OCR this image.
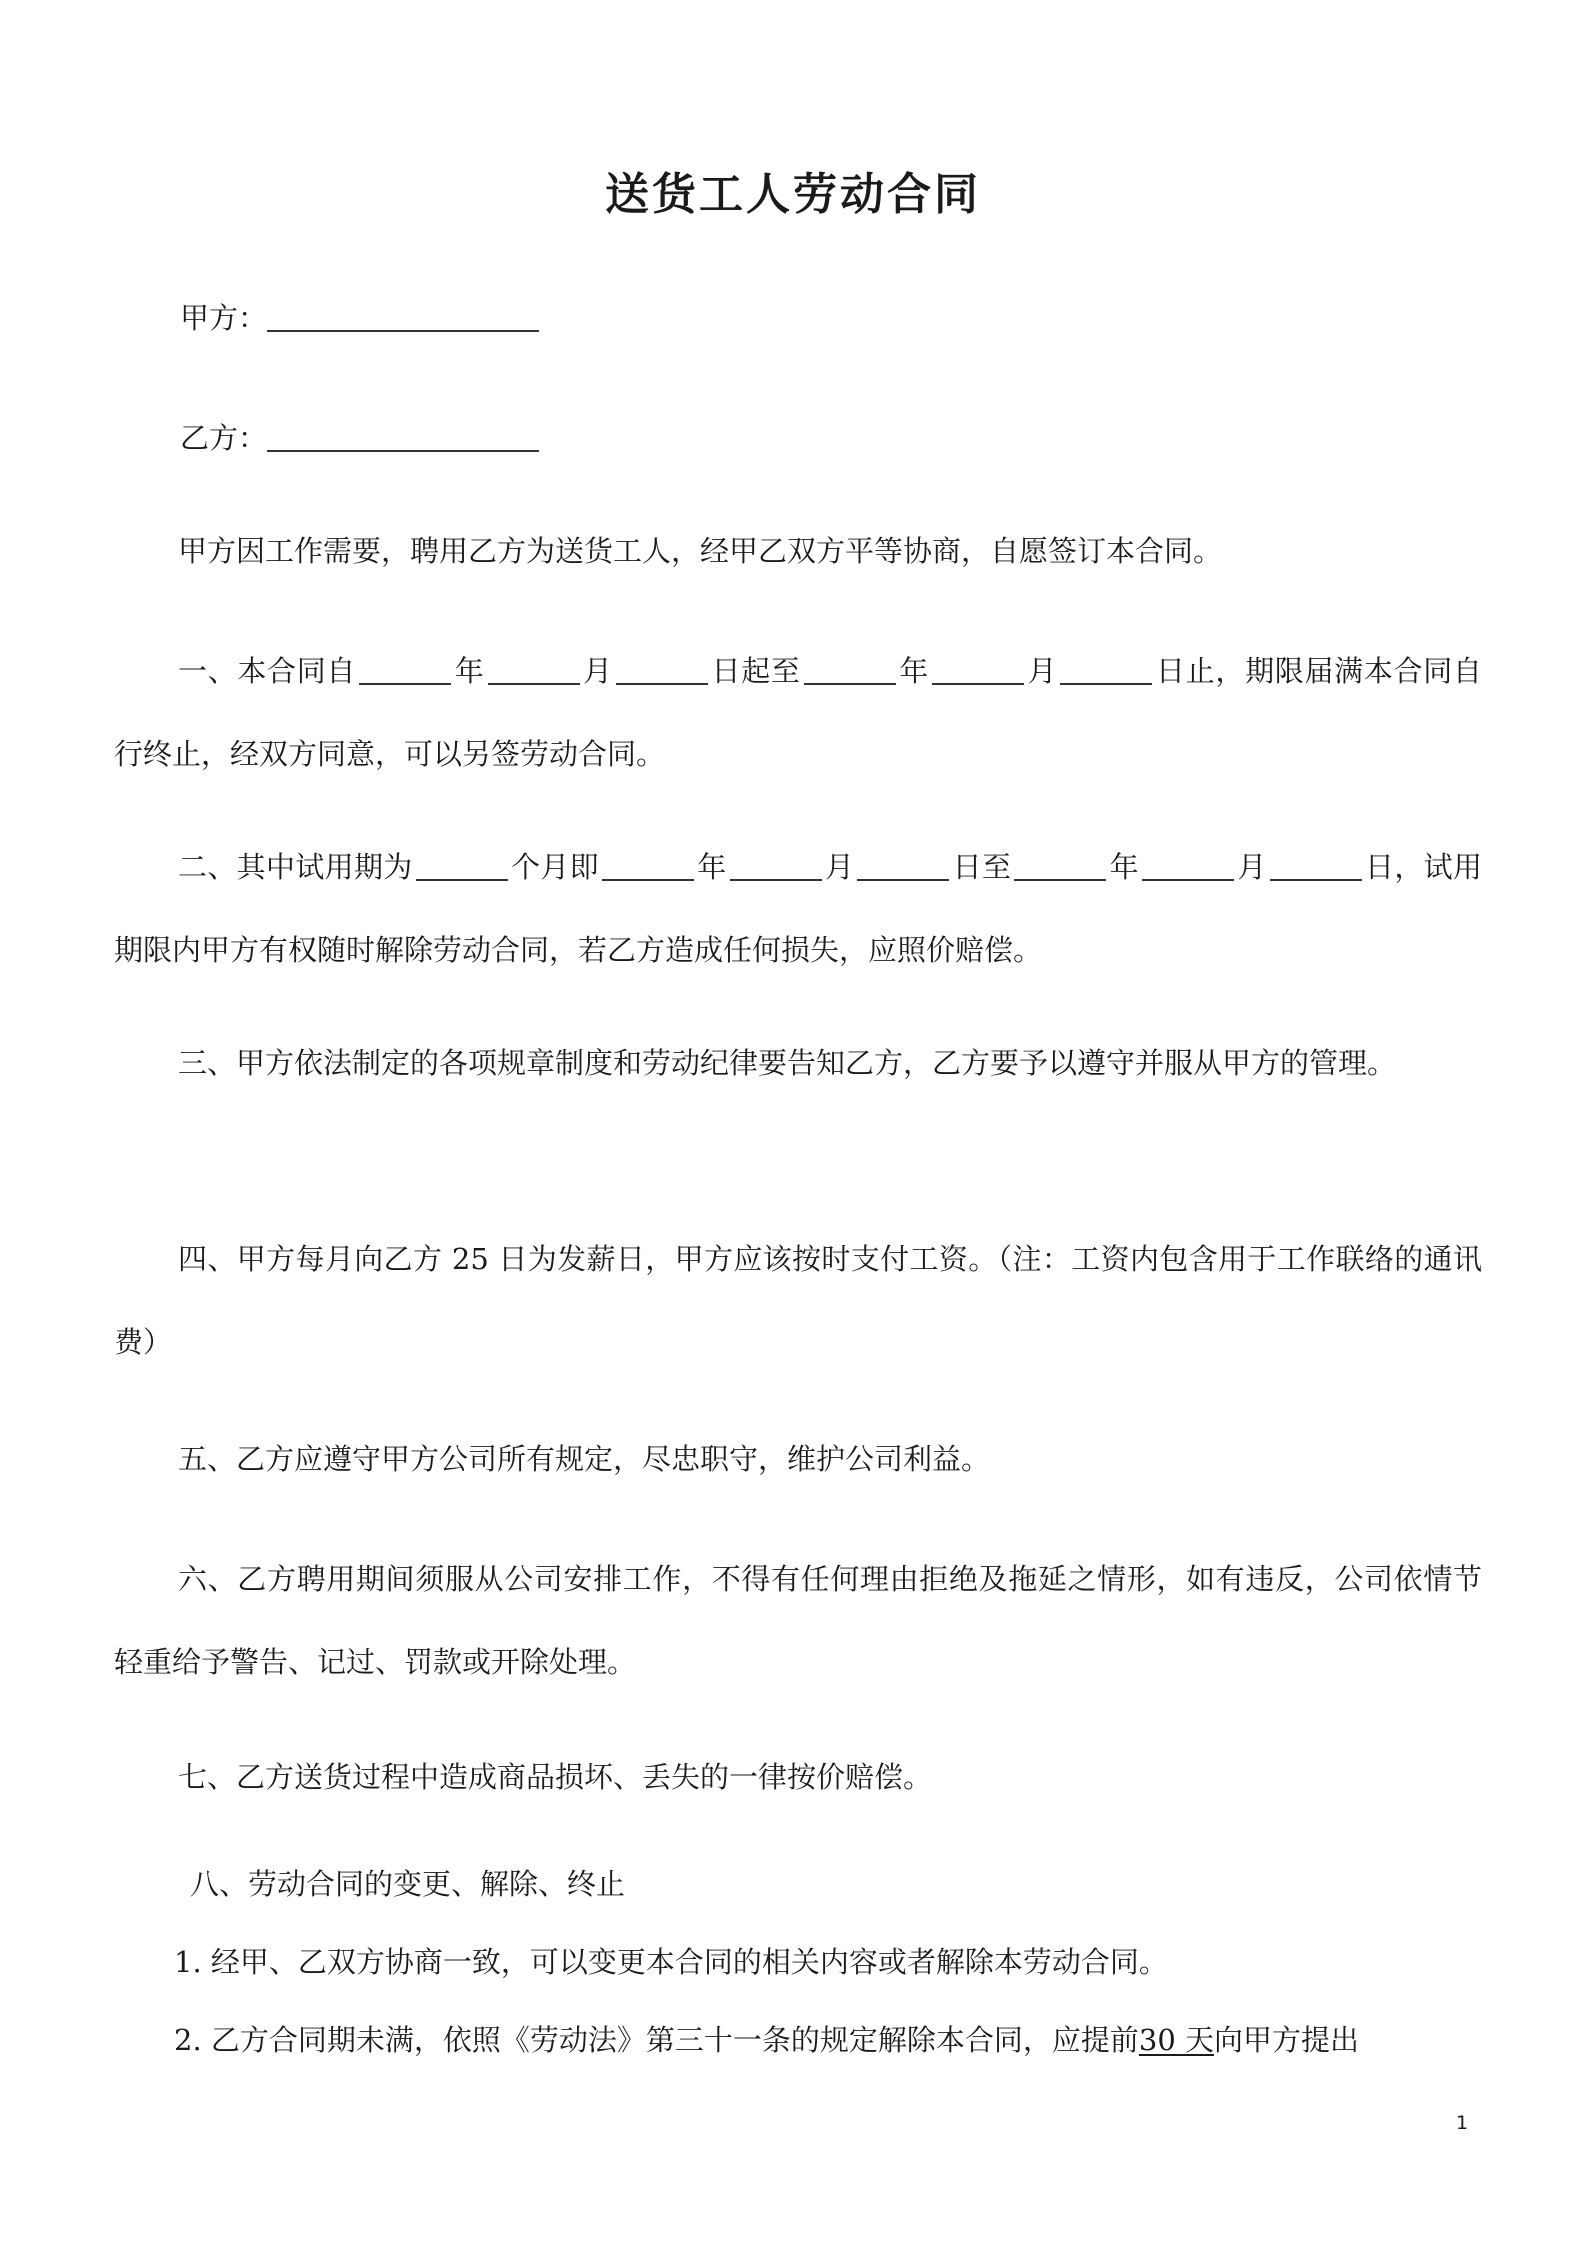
送货工人劳动合同
甲方：
乙方：

甲方因工作需要，聘用乙方为送货工人，经甲乙双方平等协商，自愿签订本合同。

一、本合同自	年	月	日起至	年	月	日止，期限届满本合同自行终止，经双方同意，可以另签劳动合同。

二、其中试用期为	个月即	年	月	日至	年	月	日，试用期限内甲方有权随时解除劳动合同，若乙方造成任何损失，应照价赔偿。

三、甲方依法制定的各项规章制度和劳动纪律要告知乙方，乙方要予以遵守并服从甲方的管理。

四、甲方每月向乙方 25 日为发薪日，甲方应该按时支付工资。（注：工资内包含用于工作联络的通讯费）

五、乙方应遵守甲方公司所有规定，尽忠职守，维护公司利益。

六、乙方聘用期间须服从公司安排工作，不得有任何理由拒绝及拖延之情形，如有违反，公司依情节轻重给予警告、记过、罚款或开除处理。

七、乙方送货过程中造成商品损坏、丢失的一律按价赔偿。

八、劳动合同的变更、解除、终止

1. 经甲、乙双方协商一致，可以变更本合同的相关内容或者解除本劳动合同。

2. 乙方合同期未满，依照《劳动法》第三十一条的规定解除本合同，应提前30 天向甲方提出

1
